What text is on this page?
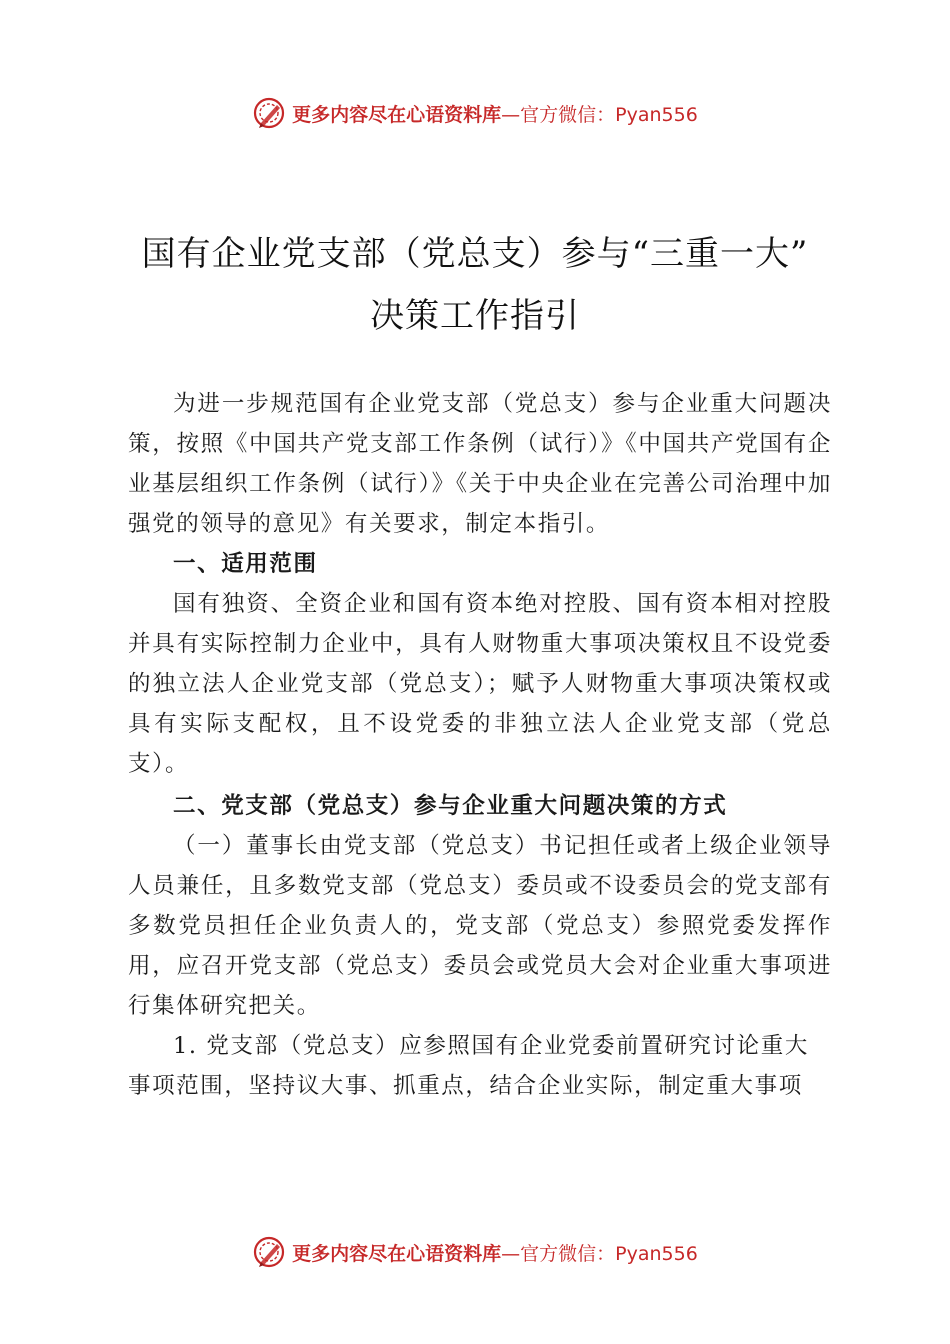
更多内容尽在心语资料库 —官方微信：Pyan556
国有企业党支部（党总支）参与“三重一大”
决策工作指引

为进一步规范国有企业党支部（党总支）参与企业重大问题决策，按照《中国共产党支部工作条例（试行）》《中国共产党国有企业基层组织工作条例（试行）》《关于中央企业在完善公司治理中加强党的领导的意见》有关要求，制定本指引。

一、适用范围

国有独资、全资企业和国有资本绝对控股、国有资本相对控股并具有实际控制力企业中，具有人财物重大事项决策权且不设党委的独立法人企业党支部（党总支）；赋予人财物重大事项决策权或具有实际支配权，且不设党委的非独立法人企业党支部（党总支）。

二、党支部（党总支）参与企业重大问题决策的方式

（一）董事长由党支部（党总支）书记担任或者上级企业领导人员兼任，且多数党支部（党总支）委员或不设委员会的党支部有多数党员担任企业负责人的，党支部（党总支）参照党委发挥作用，应召开党支部（党总支）委员会或党员大会对企业重大事项进行集体研究把关。

1. 党支部（党总支）应参照国有企业党委前置研究讨论重大事项范围，坚持议大事、抓重点，结合企业实际，制定重大事项

更多内容尽在心语资料库 —官方微信：Pyan556
